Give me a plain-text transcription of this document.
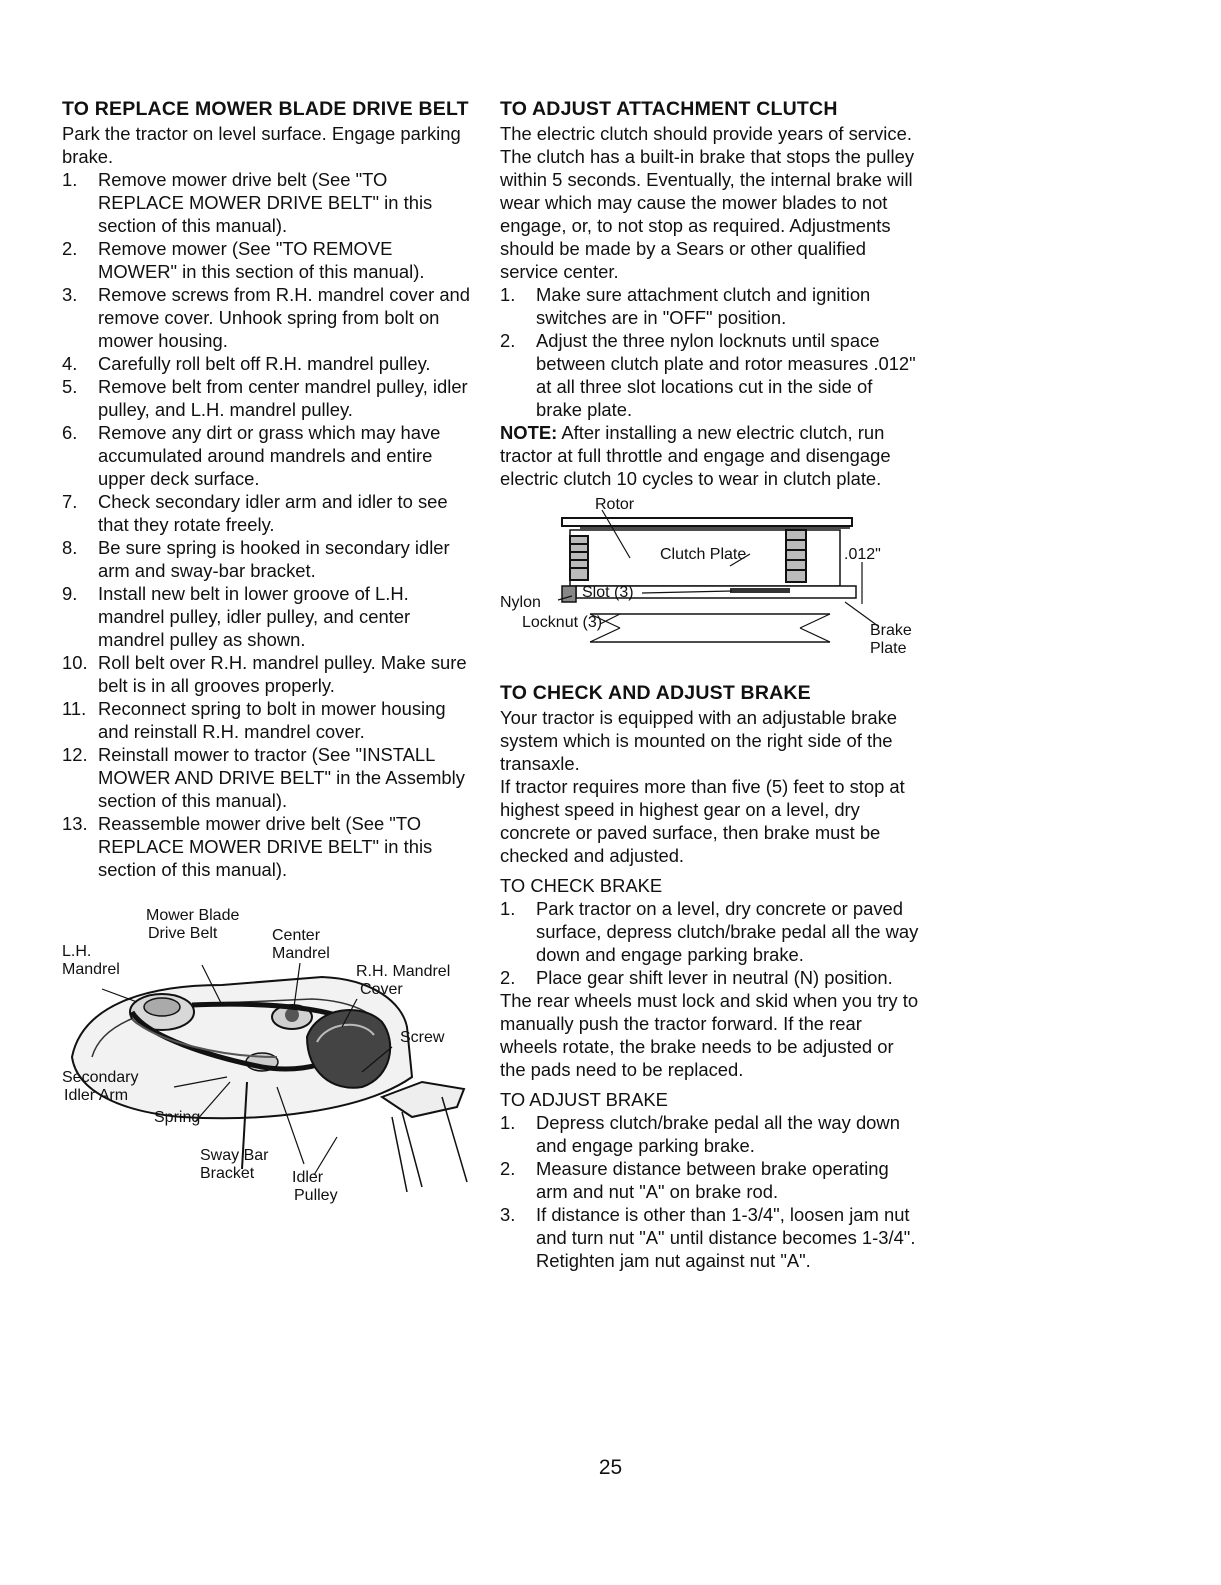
TO REPLACE MOWER BLADE DRIVE BELT

Park the tractor on level surface. Engage parking brake.

1. Remove mower drive belt (See "TO REPLACE MOWER DRIVE BELT" in this section of this manual).
2. Remove mower (See "TO REMOVE MOWER" in this section of this manual).
3. Remove screws from R.H. mandrel cover and remove cover. Unhook spring from bolt on mower housing.
4. Carefully roll belt off R.H. mandrel pulley.
5. Remove belt from center mandrel pulley, idler pulley, and L.H. mandrel pulley.
6. Remove any dirt or grass which may have accumulated around mandrels and entire upper deck surface.
7. Check secondary idler arm and idler to see that they rotate freely.
8. Be sure spring is hooked in secondary idler arm and sway-bar bracket.
9. Install new belt in lower groove of L.H. mandrel pulley, idler pulley, and center mandrel pulley as shown.
10. Roll belt over R.H. mandrel pulley. Make sure belt is in all grooves properly.
11. Reconnect spring to bolt in mower housing and reinstall R.H. mandrel cover.
12. Reinstall mower to tractor (See "INSTALL MOWER AND DRIVE BELT" in the Assembly section of this manual).
13. Reassemble mower drive belt (See "TO REPLACE MOWER DRIVE BELT" in this section of this manual).
L.H.
Mandrel
Mower Blade
Drive Belt	Center
Mandrel
R.H. Mandrel
Cover
Screw
Secondary
Idler Arm
Spring
Sway Bar
Bracket Idler
Pulley
TO ADJUST ATTACHMENT CLUTCH

The electric clutch should provide years of service. The clutch has a built-in brake that stops the pulley within 5 seconds. Eventually, the internal brake will wear which may cause the mower blades to not engage, or, to not stop as required. Adjustments should be made by a Sears or other qualified service center.

1. Make sure attachment clutch and ignition switches are in "OFF" position.
2. Adjust the three nylon locknuts until space between clutch plate and rotor measures .012" at all three slot locations cut in the side of brake plate.

NOTE: After installing a new electric clutch, run tractor at full throttle and engage and disengage electric clutch 10 cycles to wear in clutch plate.

Rotor
Clutch Plate	.012"
Slot (3)
Nylon
Locknut (3)	Brake
Plate
TO CHECK AND ADJUST BRAKE

Your tractor is equipped with an adjustable brake system which is mounted on the right side of the transaxle.

If tractor requires more than five (5) feet to stop at highest speed in highest gear on a level, dry concrete or paved surface, then brake must be checked and adjusted.

TO CHECK BRAKE

1. Park tractor on a level, dry concrete or paved surface, depress clutch/brake pedal all the way down and engage parking brake.
2. Place gear shift lever in neutral (N) position.

The rear wheels must lock and skid when you try to manually push the tractor forward. If the rear wheels rotate, the brake needs to be adjusted or the pads need to be replaced.

TO ADJUST BRAKE

1. Depress clutch/brake pedal all the way down and engage parking brake.
2. Measure distance between brake operating arm and nut "A" on brake rod.
3. If distance is other than 1-3/4", loosen jam nut and turn nut "A" until distance becomes 1-3/4". Retighten jam nut against nut "A".
25
